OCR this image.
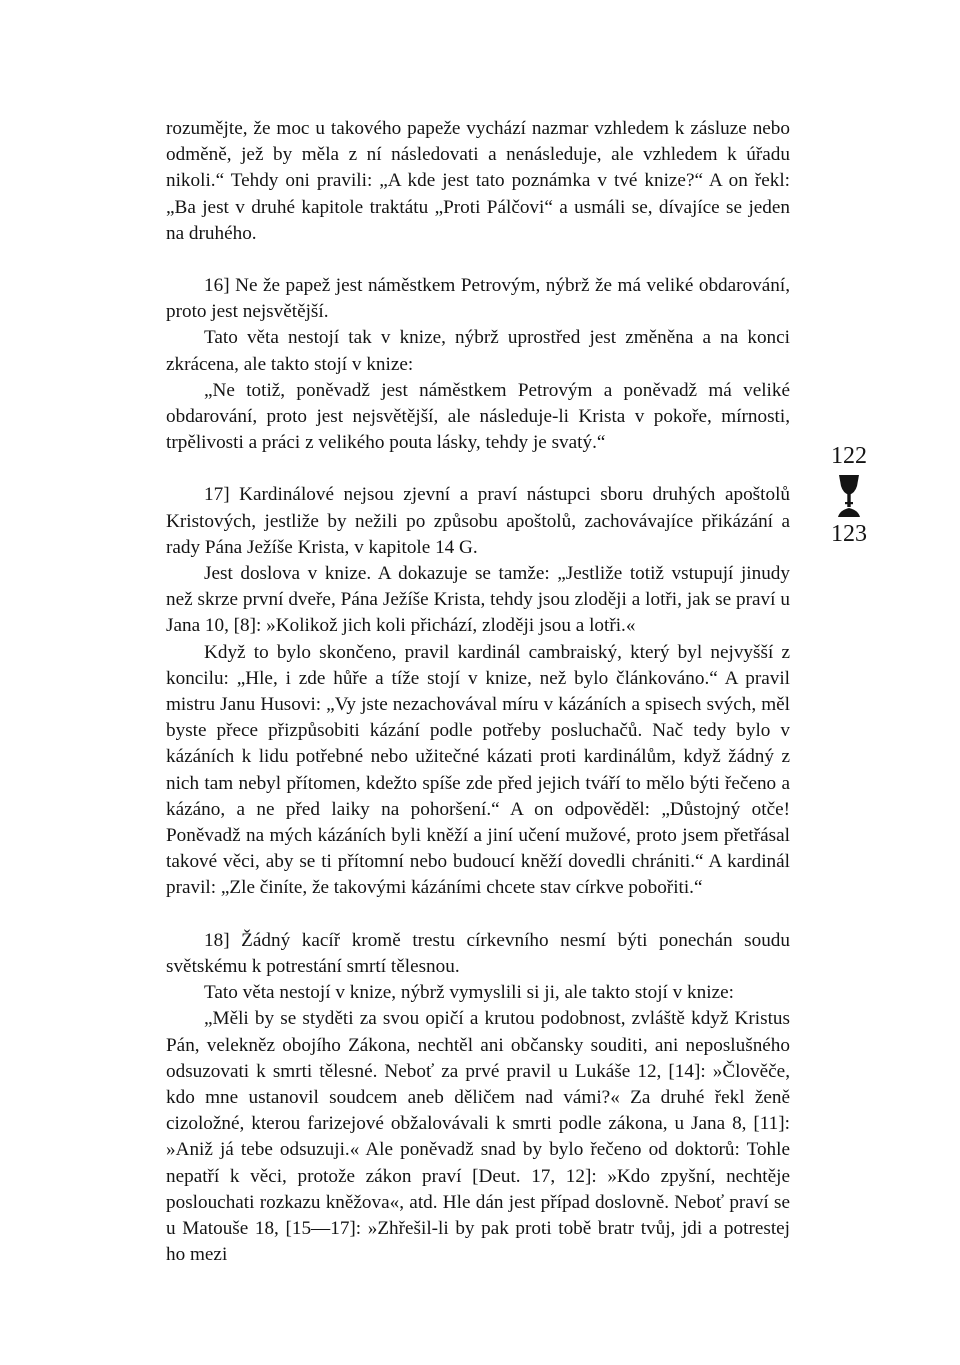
rozumějte, že moc u takového papeže vychází nazmar vzhledem k zásluze nebo odměně, jež by měla z ní následovati a nenásleduje, ale vzhledem k úřadu nikoli.“ Tehdy oni pravili: „A kde jest tato poznámka v tvé knize?“ A on řekl: „Ba jest v druhé kapitole traktátu „Proti Pálčovi“ a usmáli se, dívajíce se jeden na druhého.

16] Ne že papež jest náměstkem Petrovým, nýbrž že má veliké obdarování, proto jest nejsvětější.

Tato věta nestojí tak v knize, nýbrž uprostřed jest změněna a na konci zkrácena, ale takto stojí v knize:

„Ne totiž, poněvadž jest náměstkem Petrovým a poněvadž má veliké obdarování, proto jest nejsvětější, ale následuje-li Krista v pokoře, mírnosti, trpělivosti a práci z velikého pouta lásky, tehdy je svatý.“

17] Kardinálové nejsou zjevní a praví nástupci sboru druhých apoštolů Kristových, jestliže by nežili po způsobu apoštolů, zachovávajíce přikázání a rady Pána Ježíše Krista, v kapitole 14 G.

Jest doslova v knize. A dokazuje se tamže: „Jestliže totiž vstupují jinudy než skrze první dveře, Pána Ježíše Krista, tehdy jsou zloději a lotři, jak se praví u Jana 10, [8]: »Kolikož jich koli přichází, zloději jsou a lotři.«

Když to bylo skončeno, pravil kardinál cambraiský, který byl nejvyšší z koncilu: „Hle, i zde hůře a tíže stojí v knize, než bylo článkováno.“ A pravil mistru Janu Husovi: „Vy jste nezachovával míru v kázáních a spisech svých, měl byste přece přizpůsobiti kázání podle potřeby posluchačů. Nač tedy bylo v kázáních k lidu potřebné nebo užitečné kázati proti kardinálům, když žádný z nich tam nebyl přítomen, kdežto spíše zde před jejich tváří to mělo býti řečeno a kázáno, a ne před laiky na pohoršení.“ A on odpověděl: „Důstojný otče! Poněvadž na mých kázáních byli kněží a jiní učení mužové, proto jsem přetřásal takové věci, aby se ti přítomní nebo budoucí kněží dovedli chrániti.“ A kardinál pravil: „Zle činíte, že takovými kázáními chcete stav církve pobořiti.“

18] Žádný kacíř kromě trestu církevního nesmí býti ponechán soudu světskému k potrestání smrtí tělesnou.

Tato věta nestojí v knize, nýbrž vymyslili si ji, ale takto stojí v knize:

„Měli by se styděti za svou opičí a krutou podobnost, zvláště když Kristus Pán, velekněz obojího Zákona, nechtěl ani občansky souditi, ani neposlušného odsuzovati k smrti tělesné. Neboť za prvé pravil u Lukáše 12, [14]: »Člověče, kdo mne ustanovil soudcem aneb děličem nad vámi?« Za druhé řekl ženě cizoložné, kterou farizejové obžalovávali k smrti podle zákona, u Jana 8, [11]: »Aniž já tebe odsuzuji.« Ale poněvadž snad by bylo řečeno od doktorů: Tohle nepatří k věci, protože zákon praví [Deut. 17, 12]: »Kdo zpyšní, nechtěje poslouchati rozkazu kněžova«, atd. Hle dán jest případ doslovně. Neboť praví se u Matouše 18, [15—17]: »Zhřešil-li by pak proti tobě bratr tvůj, jdi a potrestej ho mezi

122
123
